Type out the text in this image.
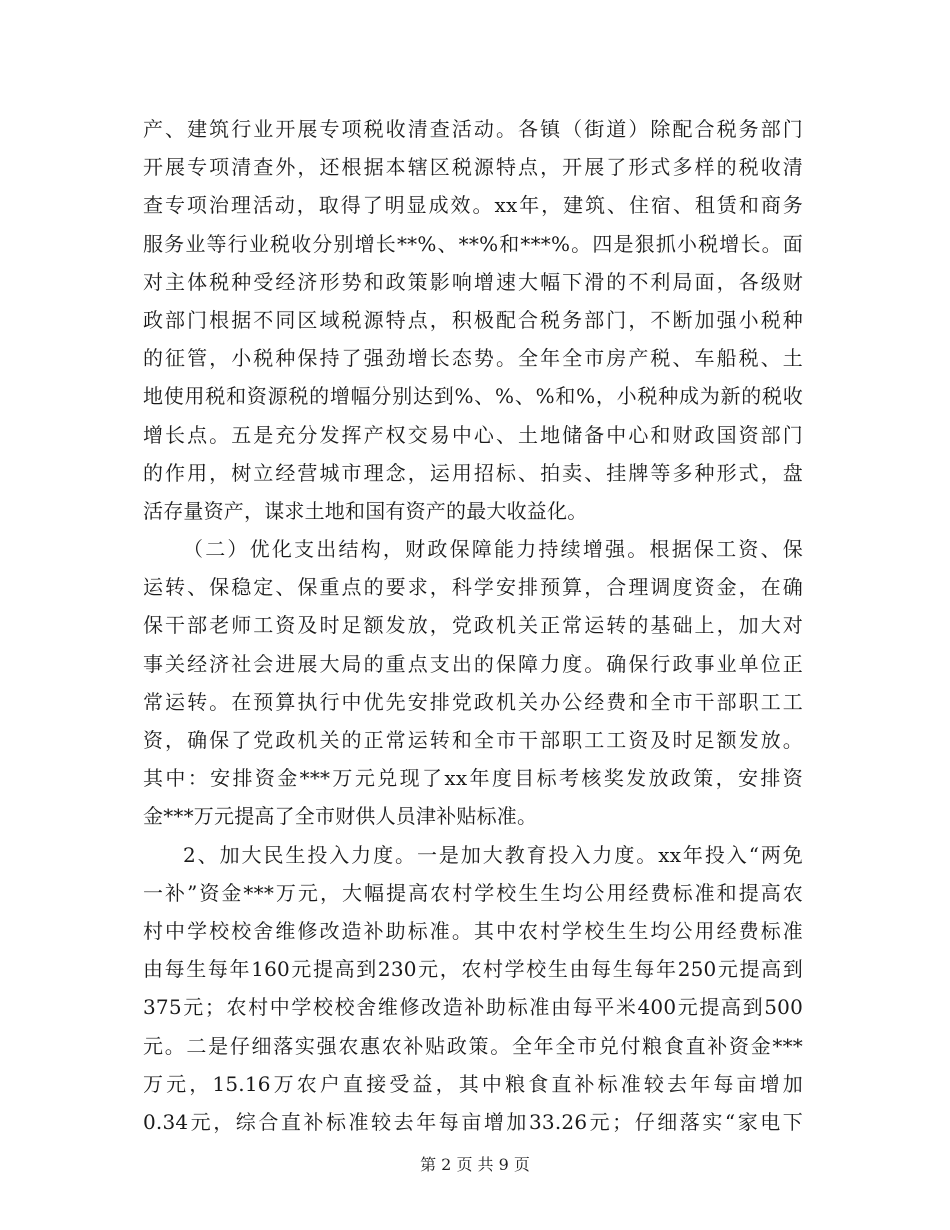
产、建筑行业开展专项税收清查活动。各镇（街道）除配合税务部门
开展专项清查外，还根据本辖区税源特点，开展了形式多样的税收清
查专项治理活动，取得了明显成效。xx年，建筑、住宿、租赁和商务
服务业等行业税收分别增长**%、**%和***%。四是狠抓小税增长。面
对主体税种受经济形势和政策影响增速大幅下滑的不利局面，各级财
政部门根据不同区域税源特点，积极配合税务部门，不断加强小税种
的征管，小税种保持了强劲增长态势。全年全市房产税、车船税、土
地使用税和资源税的增幅分别达到%、%、%和%，小税种成为新的税收
增长点。五是充分发挥产权交易中心、土地储备中心和财政国资部门
的作用，树立经营城市理念，运用招标、拍卖、挂牌等多种形式，盘
活存量资产，谋求土地和国有资产的最大收益化。
（二）优化支出结构，财政保障能力持续增强。根据保工资、保
运转、保稳定、保重点的要求，科学安排预算，合理调度资金，在确
保干部老师工资及时足额发放，党政机关正常运转的基础上，加大对
事关经济社会进展大局的重点支出的保障力度。确保行政事业单位正
常运转。在预算执行中优先安排党政机关办公经费和全市干部职工工
资，确保了党政机关的正常运转和全市干部职工工资及时足额发放。
其中：安排资金***万元兑现了xx年度目标考核奖发放政策，安排资
金***万元提高了全市财供人员津补贴标准。
2、加大民生投入力度。一是加大教育投入力度。xx年投入“两免
一补”资金***万元，大幅提高农村学校生生均公用经费标准和提高农
村中学校校舍维修改造补助标准。其中农村学校生生均公用经费标准
由每生每年160元提高到230元，农村学校生由每生每年250元提高到
375元；农村中学校校舍维修改造补助标准由每平米400元提高到500
元。二是仔细落实强农惠农补贴政策。全年全市兑付粮食直补资金***
万元，15.16万农户直接受益，其中粮食直补标准较去年每亩增加
0.34元，综合直补标准较去年每亩增加33.26元；仔细落实“家电下
第 2 页 共 9 页
